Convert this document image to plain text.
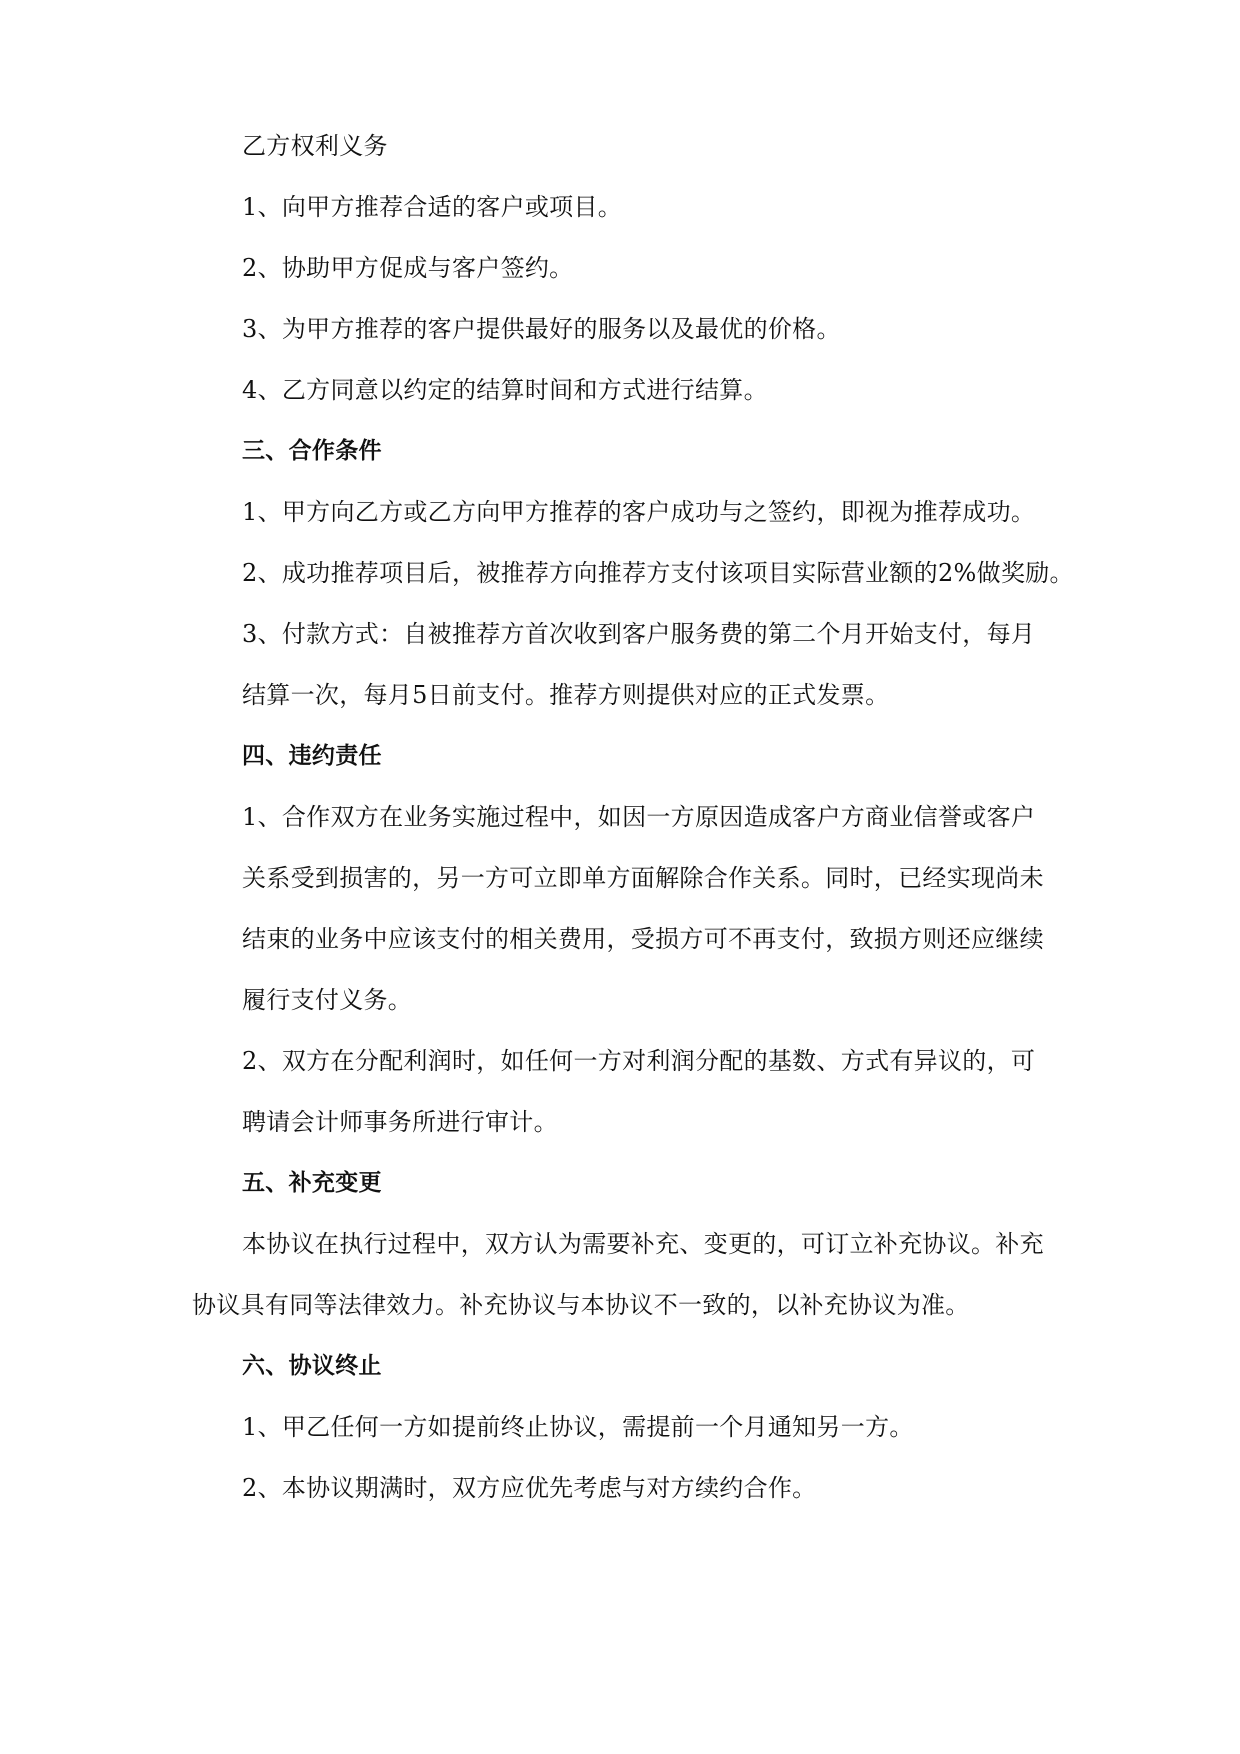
乙方权利义务
1、向甲方推荐合适的客户或项目。
2、协助甲方促成与客户签约。
3、为甲方推荐的客户提供最好的服务以及最优的价格。
4、乙方同意以约定的结算时间和方式进行结算。
三、合作条件
1、甲方向乙方或乙方向甲方推荐的客户成功与之签约，即视为推荐成功。
2、成功推荐项目后，被推荐方向推荐方支付该项目实际营业额的2%做奖励。
3、付款方式：自被推荐方首次收到客户服务费的第二个月开始支付，每月
结算一次，每月5日前支付。推荐方则提供对应的正式发票。
四、违约责任
1、合作双方在业务实施过程中，如因一方原因造成客户方商业信誉或客户
关系受到损害的，另一方可立即单方面解除合作关系。同时，已经实现尚未
结束的业务中应该支付的相关费用，受损方可不再支付，致损方则还应继续
履行支付义务。
2、双方在分配利润时，如任何一方对利润分配的基数、方式有异议的，可
聘请会计师事务所进行审计。
五、补充变更
本协议在执行过程中，双方认为需要补充、变更的，可订立补充协议。补充
协议具有同等法律效力。补充协议与本协议不一致的，以补充协议为准。
六、协议终止
1、甲乙任何一方如提前终止协议，需提前一个月通知另一方。
2、本协议期满时，双方应优先考虑与对方续约合作。
